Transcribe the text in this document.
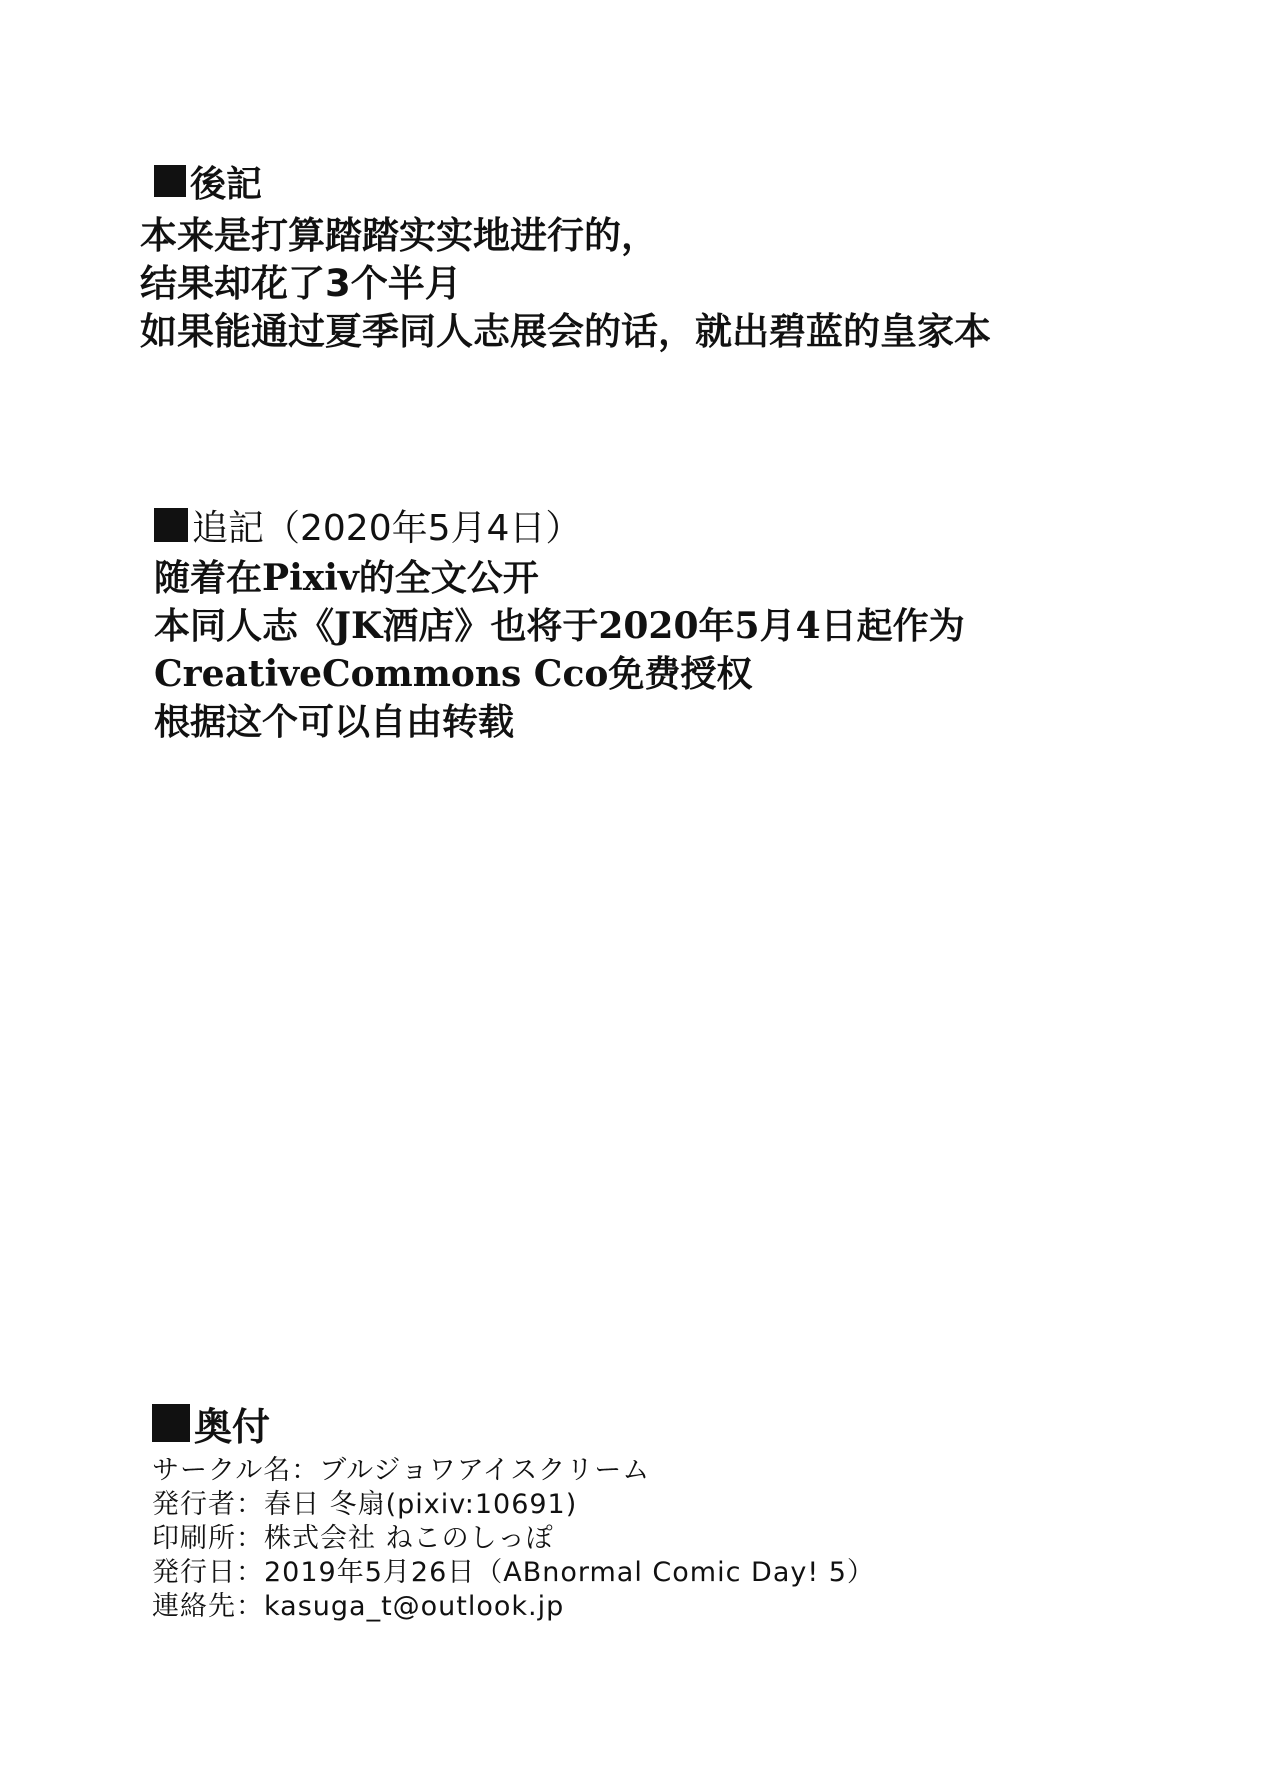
後記
本来是打算踏踏实实地进行的，
结果却花了3个半月
如果能通过夏季同人志展会的话，就出碧蓝的皇家本
追記（2020年5月4日）
随着在Pixiv的全文公开
本同人志《JK酒店》也将于2020年5月4日起作为
CreativeCommons Cco免费授权
根据这个可以自由转载
奥付
サークル名：ブルジョワアイスクリーム
発行者：春日 冬扇(pixiv:10691)
印刷所：株式会社 ねこのしっぽ
発行日：2019年5月26日（ABnormal Comic Day! 5）
連絡先：kasuga_t@outlook.jp
